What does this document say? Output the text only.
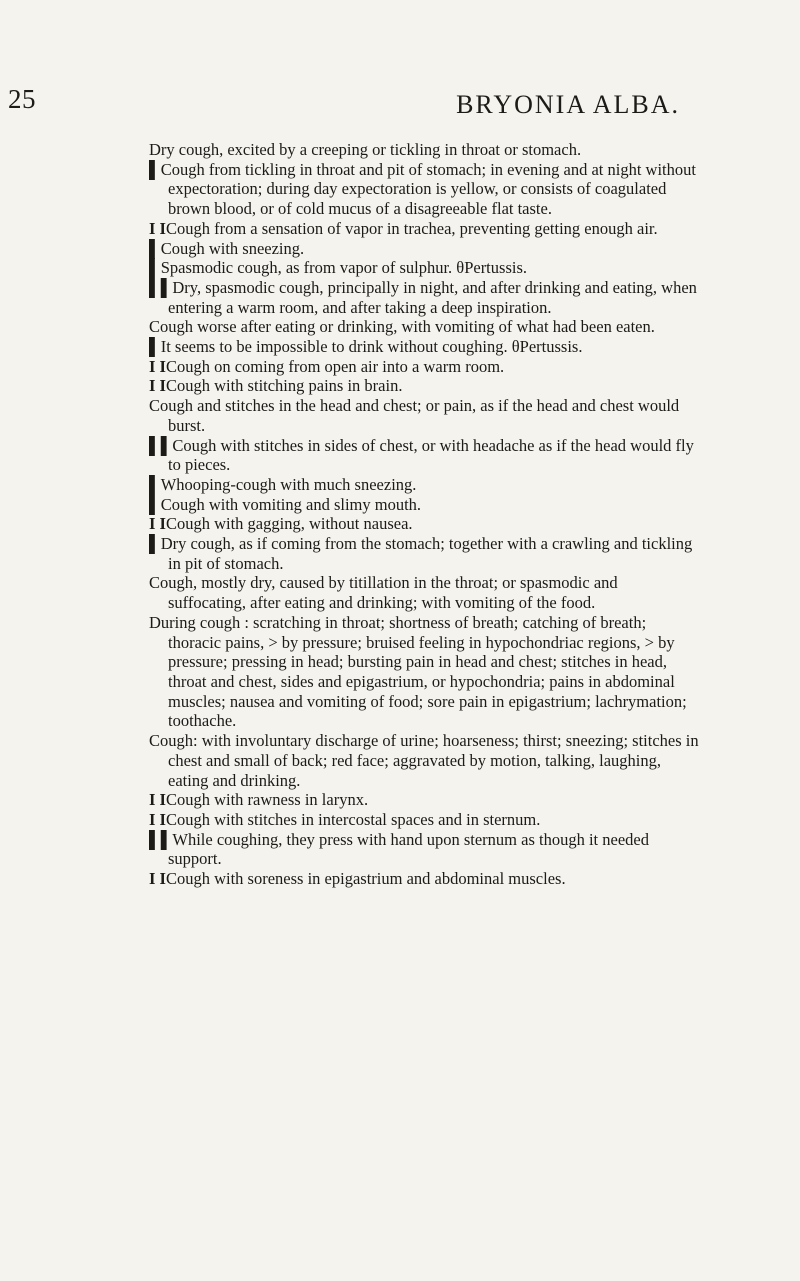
25	BRYONIA ALBA.
Dry cough, excited by a creeping or tickling in throat or stomach.
▌Cough from tickling in throat and pit of stomach; in evening and at night without expectoration; during day expectoration is yellow, or consists of coagulated brown blood, or of cold mucus of a disagreeable flat taste.
I ICough from a sensation of vapor in trachea, preventing getting enough air.
▌Cough with sneezing.
▌Spasmodic cough, as from vapor of sulphur. θPertussis.
▌▌Dry, spasmodic cough, principally in night, and after drinking and eating, when entering a warm room, and after taking a deep inspiration.
Cough worse after eating or drinking, with vomiting of what had been eaten.
▌It seems to be impossible to drink without coughing. θPertussis.
I ICough on coming from open air into a warm room.
I ICough with stitching pains in brain.
Cough and stitches in the head and chest; or pain, as if the head and chest would burst.
▌▌Cough with stitches in sides of chest, or with headache as if the head would fly to pieces.
▌Whooping-cough with much sneezing.
▌Cough with vomiting and slimy mouth.
I ICough with gagging, without nausea.
▌Dry cough, as if coming from the stomach; together with a crawling and tickling in pit of stomach.
Cough, mostly dry, caused by titillation in the throat; or spasmodic and suffocating, after eating and drinking; with vomiting of the food.
During cough : scratching in throat; shortness of breath; catching of breath; thoracic pains, > by pressure; bruised feeling in hypochondriac regions, > by pressure; pressing in head; bursting pain in head and chest; stitches in head, throat and chest, sides and epigastrium, or hypochondria; pains in abdominal muscles; nausea and vomiting of food; sore pain in epigastrium; lachrymation; toothache.
Cough: with involuntary discharge of urine; hoarseness; thirst; sneezing; stitches in chest and small of back; red face; aggravated by motion, talking, laughing, eating and drinking.
I ICough with rawness in larynx.
I ICough with stitches in intercostal spaces and in sternum.
▌▌While coughing, they press with hand upon sternum as though it needed support.
I ICough with soreness in epigastrium and abdominal muscles.
